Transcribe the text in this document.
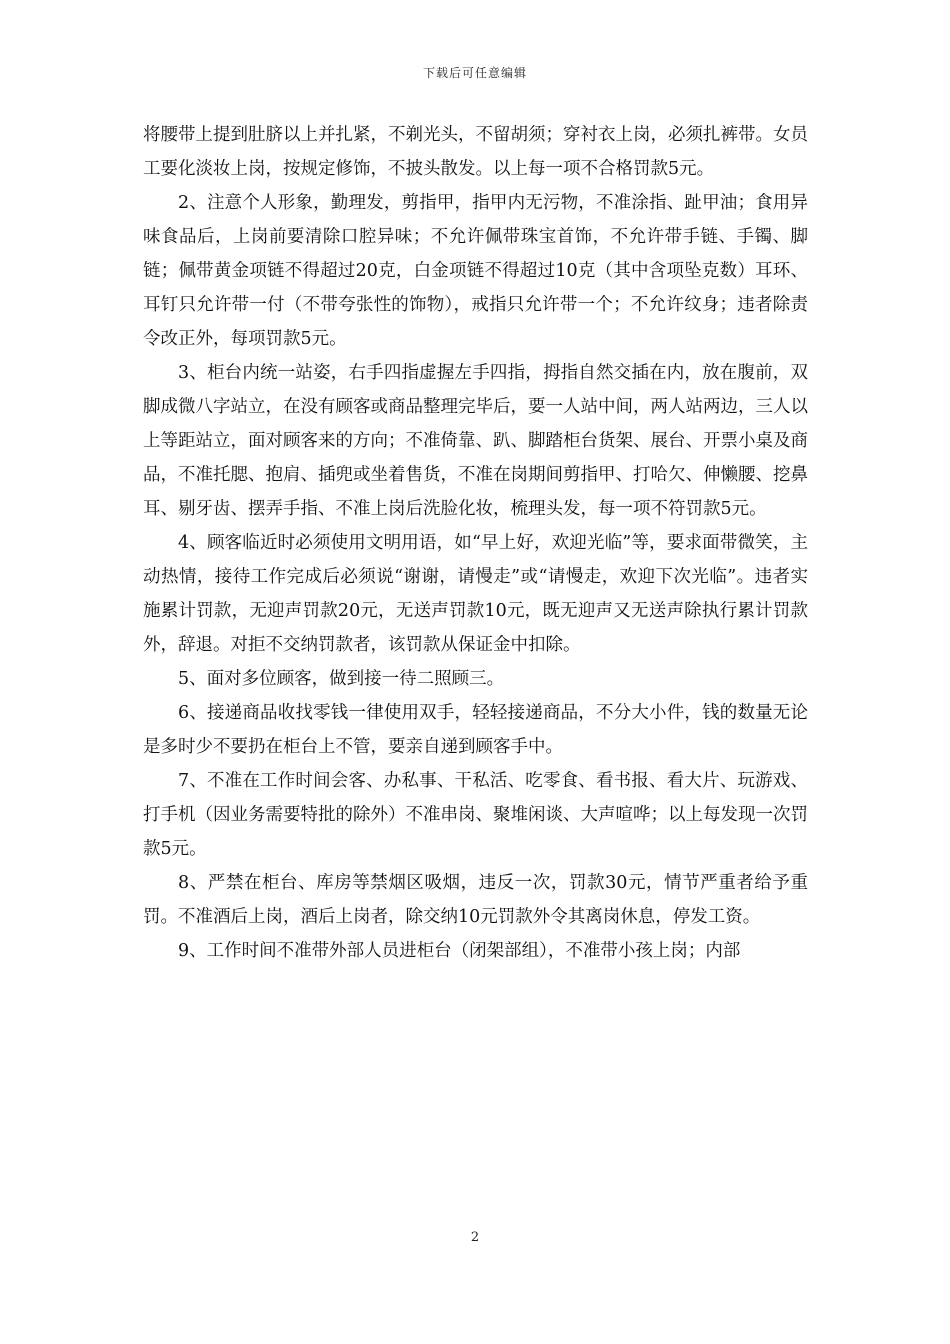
下载后可任意编辑

将腰带上提到肚脐以上并扎紧，不剃光头，不留胡须；穿衬衣上岗，必须扎裤带。女员工要化淡妆上岗，按规定修饰，不披头散发。以上每一项不合格罚款5元。

2、注意个人形象，勤理发，剪指甲，指甲内无污物，不准涂指、趾甲油；食用异味食品后，上岗前要清除口腔异味；不允许佩带珠宝首饰，不允许带手链、手镯、脚链；佩带黄金项链不得超过20克，白金项链不得超过10克（其中含项坠克数）耳环、耳钉只允许带一付（不带夸张性的饰物），戒指只允许带一个；不允许纹身；违者除责令改正外，每项罚款5元。

3、柜台内统一站姿，右手四指虚握左手四指，拇指自然交插在内，放在腹前，双脚成微八字站立，在没有顾客或商品整理完毕后，要一人站中间，两人站两边，三人以上等距站立，面对顾客来的方向；不准倚靠、趴、脚踏柜台货架、展台、开票小桌及商品，不准托腮、抱肩、插兜或坐着售货，不准在岗期间剪指甲、打哈欠、伸懒腰、挖鼻耳、剔牙齿、摆弄手指、不准上岗后洗脸化妆，梳理头发，每一项不符罚款5元。

4、顾客临近时必须使用文明用语，如“早上好，欢迎光临”等，要求面带微笑，主动热情，接待工作完成后必须说“谢谢，请慢走”或“请慢走，欢迎下次光临”。违者实施累计罚款，无迎声罚款20元，无送声罚款10元，既无迎声又无送声除执行累计罚款外，辞退。对拒不交纳罚款者，该罚款从保证金中扣除。

5、面对多位顾客，做到接一待二照顾三。

6、接递商品收找零钱一律使用双手，轻轻接递商品，不分大小件，钱的数量无论是多时少不要扔在柜台上不管，要亲自递到顾客手中。

7、不准在工作时间会客、办私事、干私活、吃零食、看书报、看大片、玩游戏、打手机（因业务需要特批的除外）不准串岗、聚堆闲谈、大声喧哗；以上每发现一次罚款5元。

8、严禁在柜台、库房等禁烟区吸烟，违反一次，罚款30元，情节严重者给予重罚。不准酒后上岗，酒后上岗者，除交纳10元罚款外令其离岗休息，停发工资。

9、工作时间不准带外部人员进柜台（闭架部组），不准带小孩上岗；内部

2
